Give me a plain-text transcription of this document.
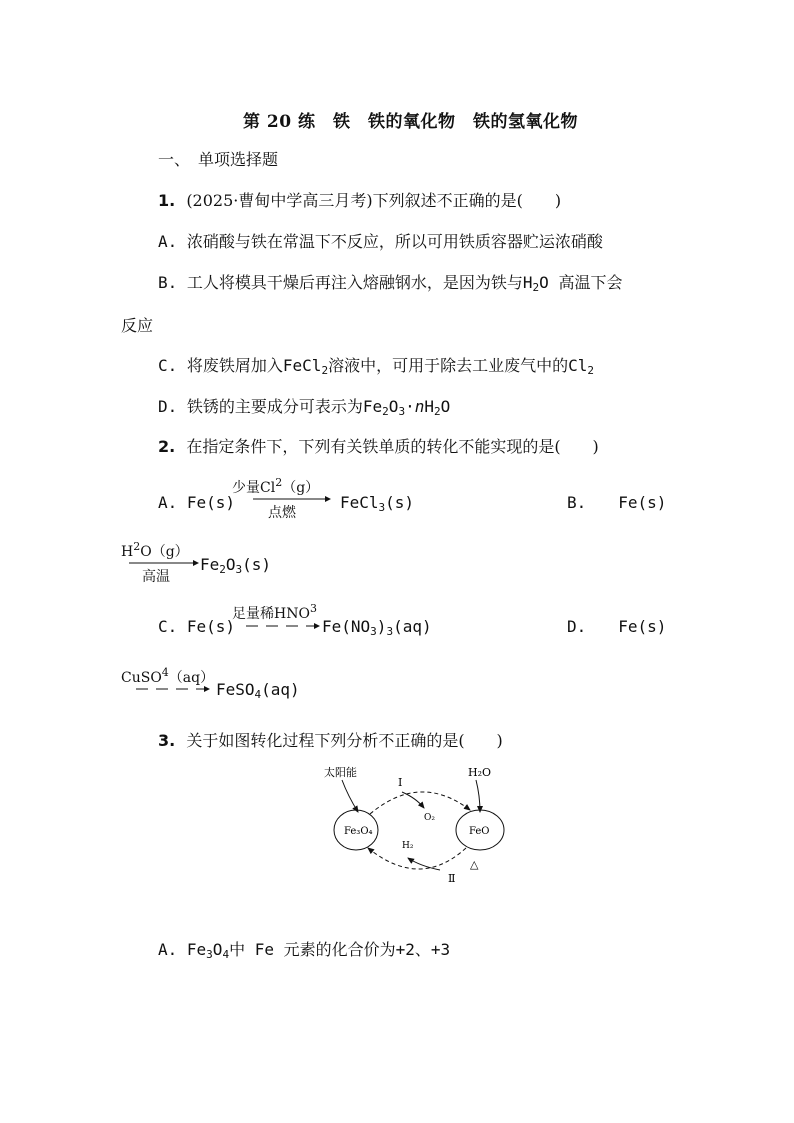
第 20 练　铁　铁的氧化物　铁的氢氧化物
一、　单项选择题
1. (2025·曹甸中学高三月考)下列叙述不正确的是(　　)
A. 浓硝酸与铁在常温下不反应，所以可用铁质容器贮运浓硝酸
B. 工人将模具干燥后再注入熔融钢水，是因为铁与$H_2O$ 高温下会
反应
C. 将废铁屑加入FeCl$_2$溶液中，可用于除去工业废气中的$Cl_2$
D. 铁锈的主要成分可表示为$Fe_2O_3\cdot nH_2O$
2. 在指定条件下，下列有关铁单质的转化不能实现的是(　　)
A. Fe(s)
少量Cl$^2$（g）
点燃
FeCl$_3$(s)	B.　　Fe(s)
$H^2O(g)$
高温
$Fe_2O_3(s)$
C. Fe(s)
足量稀HNO$^3$
$Fe(NO_3)_3(aq)$	D.　　Fe(s)
CuSO$^4$（aq）
FeSO$_4$(aq)
3. 关于如图转化过程下列分析不正确的是(　　)
太阳能	H₂O
Fe₃O₄	FeO
Ⅰ
O₂
Ⅱ
H₂
△
A. $Fe_3O_4$中 Fe 元素的化合价为+2、+3
